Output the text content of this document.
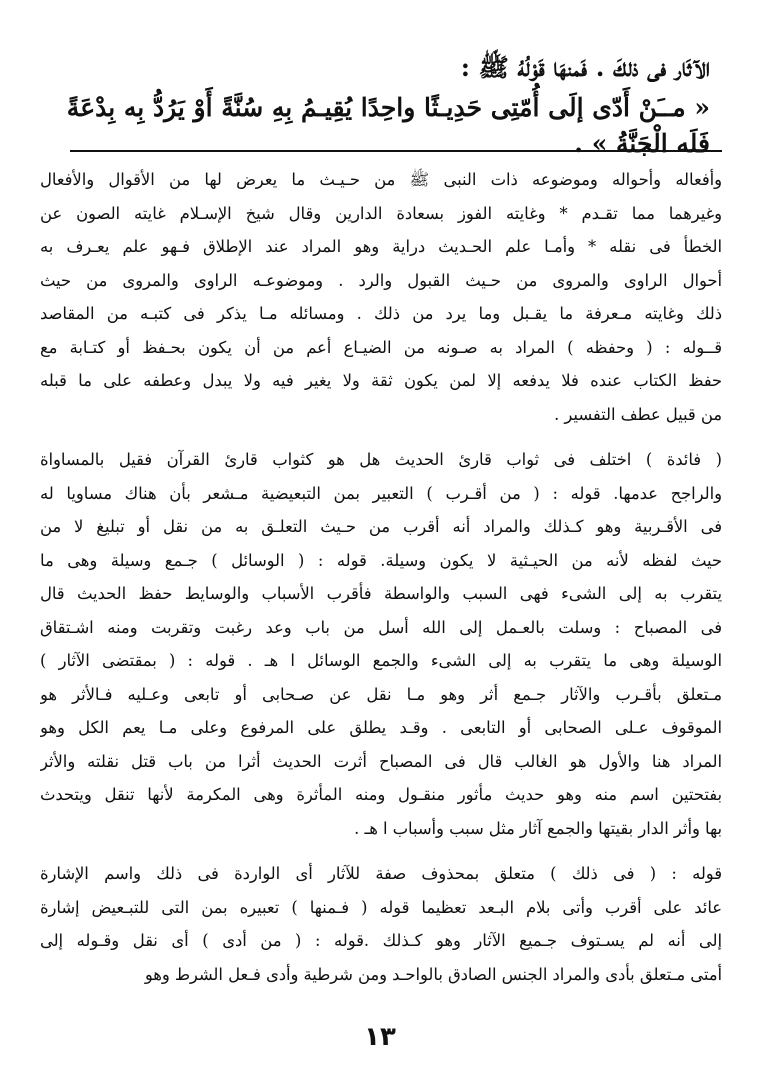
الآثَار فى ذلكَ . فَمنهَا قَوْلُهُ ﷺ :
« مــَنْ أَدّى إلَى أُمّتِى حَدِيـثًا واحِدًا يُقِيـمُ بِهِ سُنَّةً أَوْ يَرُدُّ بِه بِدْعَةً فَلَه الْجَنَّةُ » .
وأفعاله وأحواله وموضوعه ذات النبى ﷺ من حـيـث ما يعرض لها من الأقوال والأفعال
وغيرهما مما تقـدم * وغايته الفوز بسعادة الدارين وقال شيخ الإسـلام غايته الصون عن
الخطأ فى نقله * وأمـا علم الحـديث دراية وهو المراد عند الإطلاق فـهو علم يعـرف به
أحوال الراوى والمروى من حـيث القبول والرد . وموضوعـه الراوى والمروى من حيث
ذلك وغايته مـعرفة ما يقـبل وما يرد من ذلك . ومسائله مـا يذكر فى كتبـه من المقاصد
قــوله : ( وحفظه ) المراد به صـونه من الضيـاع أعم من أن يكون بحـفظ أو كتـابة مع
حفظ الكتاب عنده فلا يدفعه إلا لمن يكون ثقة ولا يغير فيه ولا يبدل وعطفه على ما قبله
من قبيل عطف التفسير .
( فائدة ) اختلف فى ثواب قارئ الحديث هل هو كثواب قارئ القرآن فقيل بالمساواة
والراجح عدمها. قوله : ( من أقـرب ) التعبير بمن التبعيضية مـشعر بأن هناك مساويا له
فى الأقـربية وهو كـذلك والمراد أنه أقرب من حـيث التعلـق به من نقل أو تبليغ لا من
حيث لفظه لأنه من الحيـثية لا يكون وسيلة. قوله : ( الوسائل ) جـمع وسيلة وهى ما
يتقرب به إلى الشىء فهى السبب والواسطة فأقرب الأسباب والوسايط حفظ الحديث قال
فى المصباح : وسلت بالعـمل إلى الله أسل من باب وعد رغبت وتقربت ومنه اشـتقاق
الوسيلة وهى ما يتقرب به إلى الشىء والجمع الوسائل ا هـ . قوله : ( بمقتضى الآثار )
مـتعلق بأقـرب والآثار جـمع أثر وهو مـا نقل عن صـحابى أو تابعى وعـليه فـالأثر هو
الموقوف عـلى الصحابى أو التابعى . وقـد يطلق على المرفوع وعلى مـا يعم الكل وهو
المراد هنا والأول هو الغالب قال فى المصباح أثرت الحديث أثرا من باب قتل نقلته والأثر
بفتحتين اسم منه وهو حديث مأثور منقـول ومنه المأثرة وهى المكرمة لأنها تنقل ويتحدث
بها وأثر الدار بقيتها والجمع آثار مثل سبب وأسباب ا هـ .
قوله : ( فى ذلك ) متعلق بمحذوف صفة للآثار أى الواردة فى ذلك واسم الإشارة
عائد على أقرب وأتى بلام البـعد تعظيما قوله ( فـمنها ) تعبيره بمن التى للتبـعيض إشارة
إلى أنه لم يسـتوف جـميع الآثار وهو كـذلك .قوله : ( من أدى ) أى نقل وقـوله إلى
أمتى مـتعلق بأدى والمراد الجنس الصادق بالواحـد ومن شرطية وأدى فـعل الشرط وهو
١٣
